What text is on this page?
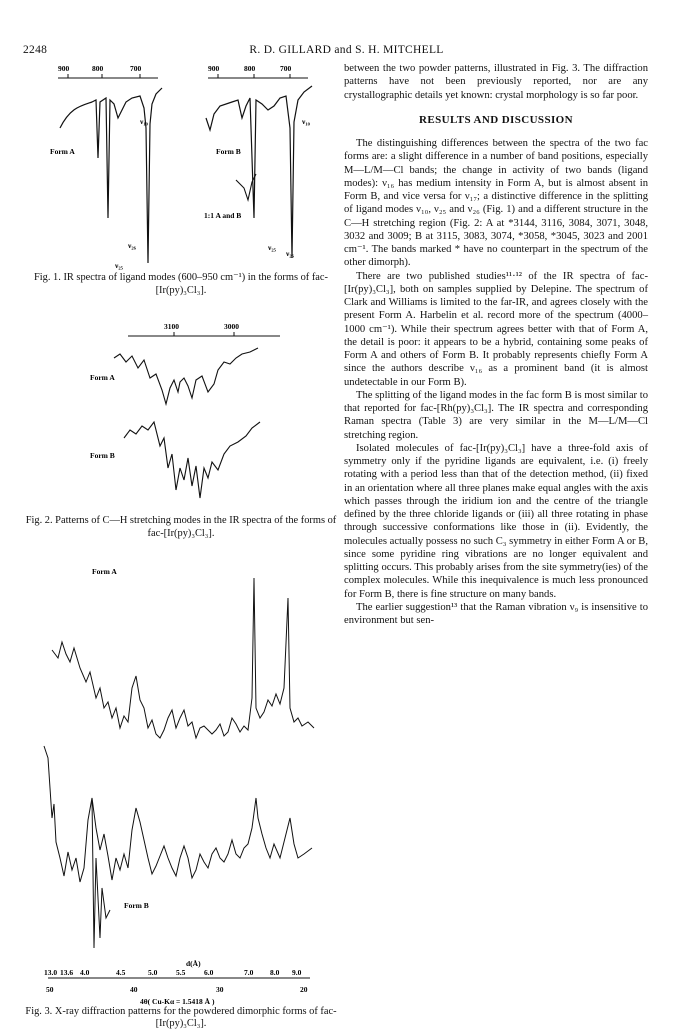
2248	R. D. GILLARD and S. H. MITCHELL
900	800	700
Form A
ν₁₀
ν₂₆
ν₂₅
900	800	700
Form B
ν₁₀
ν₂₅
ν₂₆
1:1 A and B
Fig. 1. IR spectra of ligand modes (600–950 cm⁻¹) in the forms of fac-[Ir(py)₃Cl₃].
3100	3000
Form A
Form B
Fig. 2. Patterns of C—H stretching modes in the IR spectra of the forms of fac-[Ir(py)₃Cl₃].
Form A
Form B
d(Å)
13.0 13.6 4.0	4.5	5.0 5.5 6.0	7.0 8.0 9.0
50	40	30	20
4θ( Cu-Kα = 1.5418 Å )
Fig. 3. X-ray diffraction patterns for the powdered dimorphic forms of fac-[Ir(py)₃Cl₃].

between the two powder patterns, illustrated in Fig. 3. The diffraction patterns have not been previously reported, nor are any crystallographic details yet known: crystal morphology is so far poor.

RESULTS AND DISCUSSION

The distinguishing differences between the spectra of the two fac forms are: a slight difference in a number of band positions, especially M—L/M—Cl bands; the change in activity of two bands (ligand modes): ν₁₆ has medium intensity in Form A, but is almost absent in Form B, and vice versa for ν₁₇; a distinctive difference in the splitting of ligand modes ν₁₀, ν₂₅ and ν₂₆ (Fig. 1) and a different structure in the C—H stretching region (Fig. 2: A at *3144, 3116, 3084, 3071, 3048, 3032 and 3009; B at 3115, 3083, 3074, *3058, *3045, 3023 and 2001 cm⁻¹. The bands marked * have no counterpart in the spectrum of the other dimorph).

There are two published studies¹¹·¹² of the IR spectra of fac-[Ir(py)₃Cl₃], both on samples supplied by Delepine. The spectrum of Clark and Williams is limited to the far-IR, and agrees closely with the present Form A. Harbelin et al. record more of the spectrum (4000–1000 cm⁻¹). While their spectrum agrees better with that of Form A, the detail is poor: it appears to be a hybrid, containing some peaks of Form A and others of Form B. It probably represents chiefly Form A since the authors describe ν₁₆ as a prominent band (it is almost undetectable in our Form B).

The splitting of the ligand modes in the fac form B is most similar to that reported for fac-[Rh(py)₃Cl₃]. The IR spectra and corresponding Raman spectra (Table 3) are very similar in the M—L/M—Cl stretching region.

Isolated molecules of fac-[Ir(py)₃Cl₃] have a three-fold axis of symmetry only if the pyridine ligands are equivalent, i.e. (i) freely rotating with a period less than that of the detection method, (ii) fixed in an orientation where all three planes make equal angles with the axis which passes through the iridium ion and the centre of the triangle defined by the three chloride ligands or (iii) all three rotating in phase through successive conformations like those in (ii). Evidently, the molecules actually possess no such C₃ symmetry in either Form A or B, since some pyridine ring vibrations are no longer equivalent and splitting occurs. This probably arises from the site symmetry(ies) of the complex molecules. While this inequivalence is much less pronounced for Form B, there is fine structure on many bands.

The earlier suggestion¹³ that the Raman vibration ν₉ is insensitive to environment but sen-
